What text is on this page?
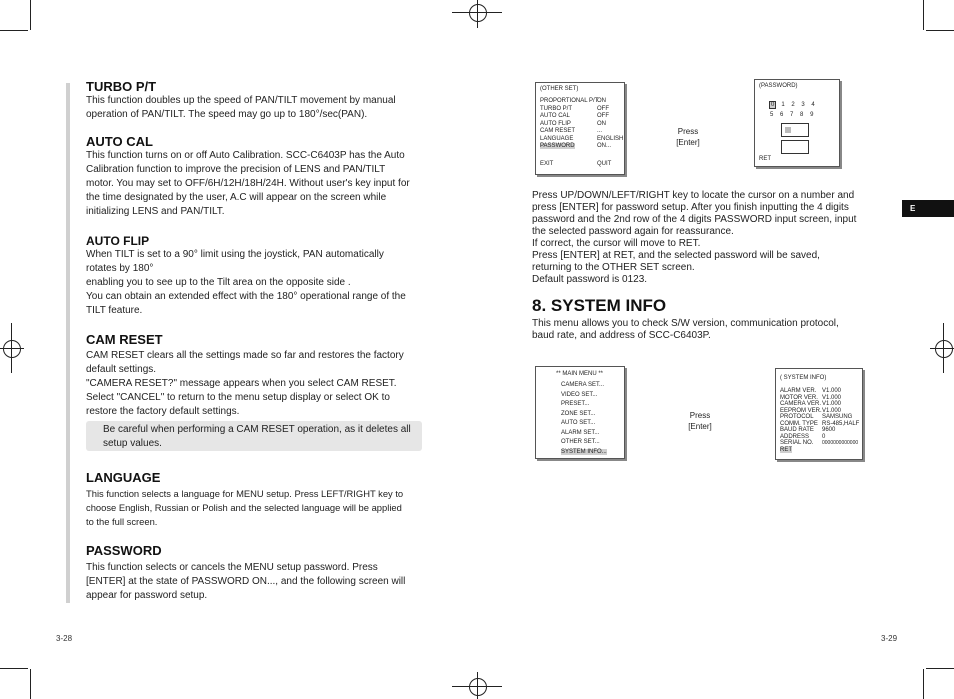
TURBO P/T
This function doubles up the speed of PAN/TILT movement by manual
operation of PAN/TILT. The speed may go up to 180°/sec(PAN).
AUTO CAL
This function turns on or off Auto Calibration. SCC-C6403P has the Auto
Calibration function to improve the precision of LENS and PAN/TILT
motor. You may set to OFF/6H/12H/18H/24H. Without user's key input for
the time designated by the user, A.C will appear on the screen while
initializing LENS and PAN/TILT.
AUTO FLIP
When TILT is set to a 90° limit using the joystick, PAN automatically
rotates by 180°
enabling you to see up to the Tilt area on the opposite side .
You can obtain an extended effect with the 180° operational range of the
TILT feature.
CAM RESET
CAM RESET clears all the settings made so far and restores the factory
default settings.
"CAMERA RESET?" message appears when you select CAM RESET.
Select "CANCEL" to return to the menu setup display or select OK to
restore the factory default settings.

Be careful when performing a CAM RESET operation, as it deletes all
setup values.

LANGUAGE
This function selects a language for MENU setup. Press LEFT/RIGHT key to
choose English, Russian or Polish and the selected language will be applied
to the full screen.
PASSWORD
This function selects or cancels the MENU setup password. Press
[ENTER] at the state of PASSWORD ON..., and the following screen will
appear for password setup.
3-28
(OTHER SET)
PROPORTIONAL P/T
TURBO P/T
AUTO CAL
AUTO FLIP
CAM RESET
LANGUAGE
PASSWORD
ON
OFF
OFF
ON
...
ENGLISH
ON...
EXIT	QUIT
Press
[Enter]
(PASSWORD)
0 1 2 3 4
5 6 7 8 9
RET
Press UP/DOWN/LEFT/RIGHT key to locate the cursor on a number and
press [ENTER] for password setup. After you finish inputting the 4 digits
password and the 2nd row of the 4 digits PASSWORD input screen, input
the selected password again for reassurance.
If correct, the cursor will move to RET.
Press [ENTER] at RET, and the selected password will be saved,
returning to the OTHER SET screen.
Default password is 0123.
E
8. SYSTEM INFO
This menu allows you to check S/W version, communication protocol,
baud rate, and address of SCC-C6403P.
** MAIN MENU **
CAMERA SET...
VIDEO SET...
PRESET...
ZONE SET...
AUTO SET...
ALARM SET...
OTHER SET...
SYSTEM INFO...
Press
[Enter]
( SYSTEM INFO)
ALARM VER.
MOTOR VER.
CAMERA VER.
EEPROM VER.
PROTOCOL
COMM. TYPE
BAUD RATE
ADDRESS
SERIAL NO.
RET
V1.000
V1.000
V1.000
V1.000
SAMSUNG
RS-485,HALF
9600
0
0000000000000
3-29
